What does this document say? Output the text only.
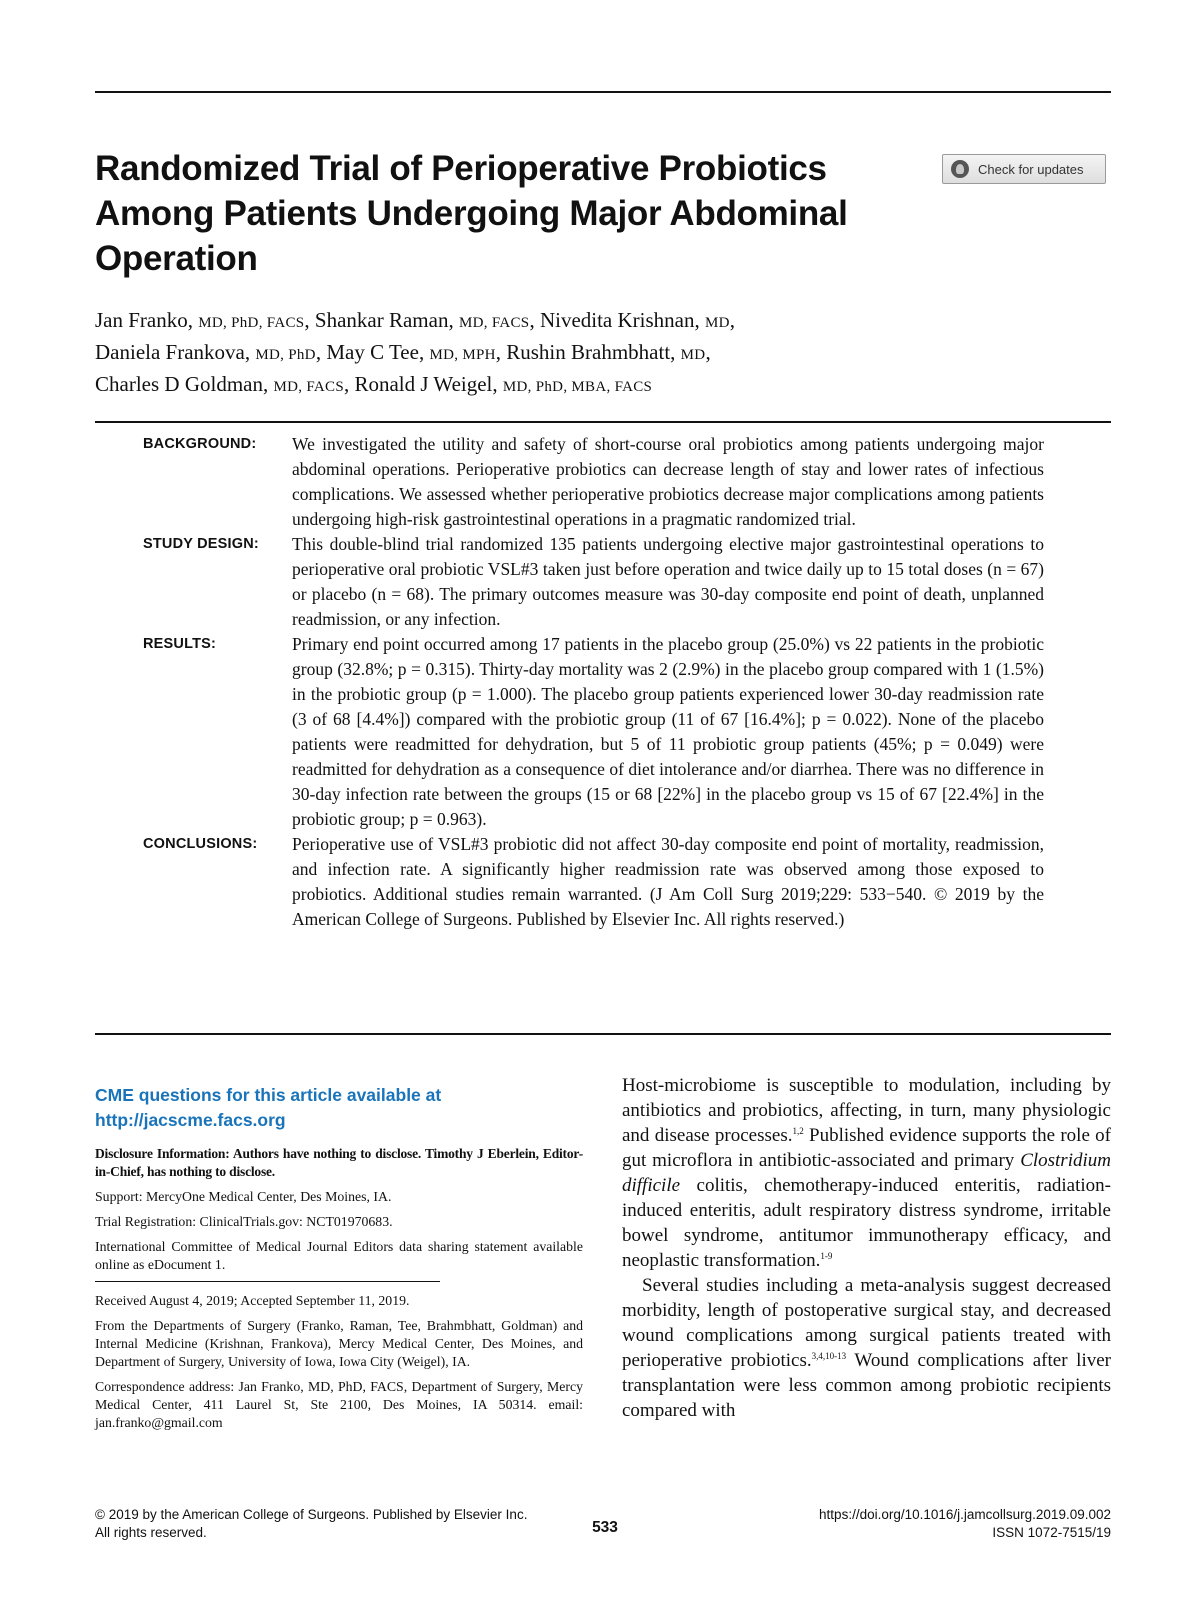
Randomized Trial of Perioperative Probiotics Among Patients Undergoing Major Abdominal Operation
Check for updates
Jan Franko, MD, PhD, FACS, Shankar Raman, MD, FACS, Nivedita Krishnan, MD,
Daniela Frankova, MD, PhD, May C Tee, MD, MPH, Rushin Brahmbhatt, MD,
Charles D Goldman, MD, FACS, Ronald J Weigel, MD, PhD, MBA, FACS
BACKGROUND:	We investigated the utility and safety of short-course oral probiotics among patients undergoing major abdominal operations. Perioperative probiotics can decrease length of stay and lower rates of infectious complications. We assessed whether perioperative probiotics decrease major complications among patients undergoing high-risk gastrointestinal operations in a pragmatic randomized trial.
STUDY DESIGN:	This double-blind trial randomized 135 patients undergoing elective major gastrointestinal operations to perioperative oral probiotic VSL#3 taken just before operation and twice daily up to 15 total doses (n = 67) or placebo (n = 68). The primary outcomes measure was 30-day composite end point of death, unplanned readmission, or any infection.
RESULTS:	Primary end point occurred among 17 patients in the placebo group (25.0%) vs 22 patients in the probiotic group (32.8%; p = 0.315). Thirty-day mortality was 2 (2.9%) in the placebo group compared with 1 (1.5%) in the probiotic group (p = 1.000). The placebo group patients experienced lower 30-day readmission rate (3 of 68 [4.4%]) compared with the probiotic group (11 of 67 [16.4%]; p = 0.022). None of the placebo patients were readmitted for dehydration, but 5 of 11 probiotic group patients (45%; p = 0.049) were readmitted for dehydration as a consequence of diet intolerance and/or diarrhea. There was no difference in 30-day infection rate between the groups (15 or 68 [22%] in the placebo group vs 15 of 67 [22.4%] in the probiotic group; p = 0.963).
CONCLUSIONS:	Perioperative use of VSL#3 probiotic did not affect 30-day composite end point of mortality, readmission, and infection rate. A significantly higher readmission rate was observed among those exposed to probiotics. Additional studies remain warranted. (J Am Coll Surg 2019;229: 533−540. © 2019 by the American College of Surgeons. Published by Elsevier Inc. All rights reserved.)
CME questions for this article available at
http://jacscme.facs.org

Disclosure Information: Authors have nothing to disclose. Timothy J Eberlein, Editor-in-Chief, has nothing to disclose.

Support: MercyOne Medical Center, Des Moines, IA.

Trial Registration: ClinicalTrials.gov: NCT01970683.

International Committee of Medical Journal Editors data sharing statement available online as eDocument 1.

Received August 4, 2019; Accepted September 11, 2019.

From the Departments of Surgery (Franko, Raman, Tee, Brahmbhatt, Goldman) and Internal Medicine (Krishnan, Frankova), Mercy Medical Center, Des Moines, and Department of Surgery, University of Iowa, Iowa City (Weigel), IA.

Correspondence address: Jan Franko, MD, PhD, FACS, Department of Surgery, Mercy Medical Center, 411 Laurel St, Ste 2100, Des Moines, IA 50314. email: jan.franko@gmail.com

Host-microbiome is susceptible to modulation, including by antibiotics and probiotics, affecting, in turn, many physiologic and disease processes.$^{1,2}$ Published evidence supports the role of gut microflora in antibiotic-associated and primary Clostridium difficile colitis, chemotherapy-induced enteritis, radiation-induced enteritis, adult respiratory distress syndrome, irritable bowel syndrome, antitumor immunotherapy efficacy, and neoplastic transformation.$^{1-9}$

Several studies including a meta-analysis suggest decreased morbidity, length of postoperative surgical stay, and decreased wound complications among surgical patients treated with perioperative probiotics.$^{3,4,10-13}$ Wound complications after liver transplantation were less common among probiotic recipients compared with

© 2019 by the American College of Surgeons. Published by Elsevier Inc.
All rights reserved.	533
https://doi.org/10.1016/j.jamcollsurg.2019.09.002
ISSN 1072-7515/19
